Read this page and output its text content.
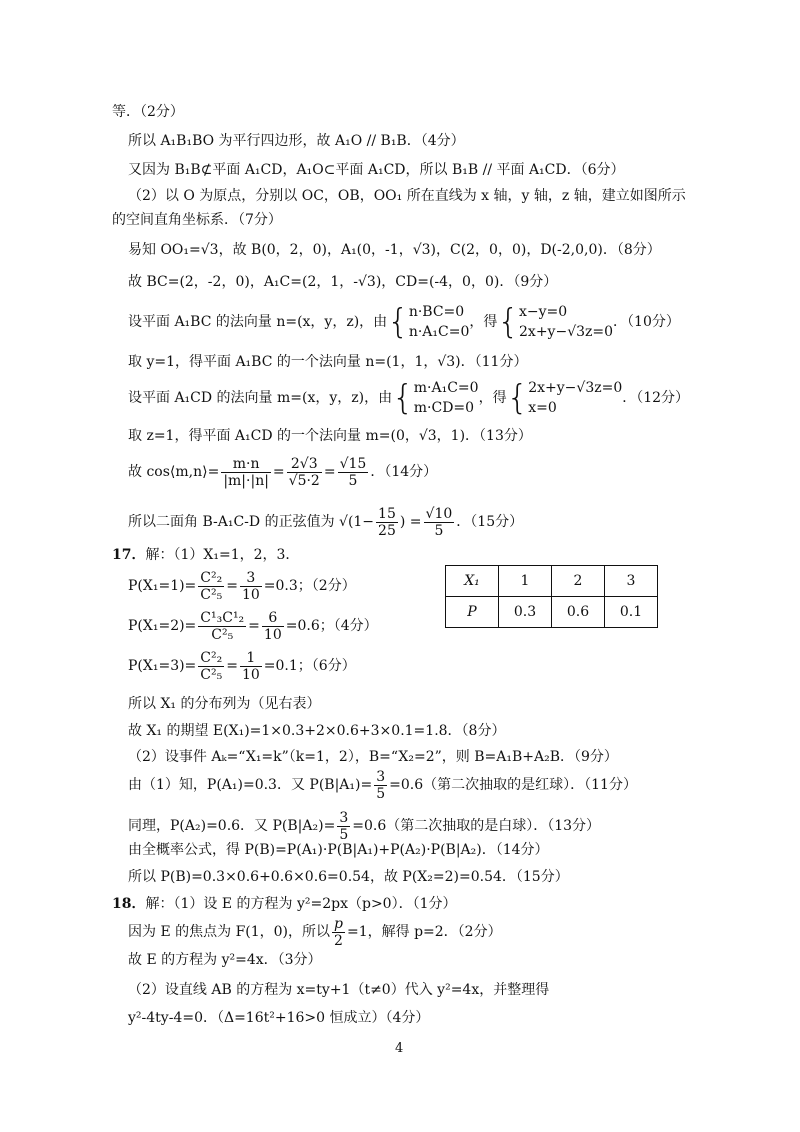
等．（2分）
所以 A₁B₁BO 为平行四边形，故 A₁O // B₁B．（4分）
又因为 B₁B⊄平面 A₁CD，A₁O⊂平面 A₁CD，所以 B₁B // 平面 A₁CD．（6分）
（2）以 O 为原点，分别以 OC，OB，OO₁ 所在直线为 x 轴，y 轴，z 轴，建立如图所示
的空间直角坐标系．（7分）
易知 OO₁=√3，故 B(0，2，0)，A₁(0，-1，√3)，C(2，0，0)，D(-2,0,0)．（8分）
故 BC=(2，-2，0)，A₁C=(2，1，-√3)，CD=(-4，0，0)．（9分）
设平面 A₁BC 的法向量 n=(x，y，z)，由{ n·BC=0
n·A₁C=0
，得{ x−y=0
2x+y−√3z=0
．（10分）
取 y=1，得平面 A₁BC 的一个法向量 n=(1，1，√3)．（11分）
设平面 A₁CD 的法向量 m=(x，y，z)，由{ m·A₁C=0
m·CD=0
，得{ 2x+y−√3z=0
x=0
．（12分）
取 z=1，得平面 A₁CD 的一个法向量 m=(0，√3，1)．（13分）
故 cos⟨m,n⟩= $\frac{m\cdot n}{|m|\cdot|n|} = \frac{2√3}{√5\cdot 2} = \frac{√15}{5}$ ．（14分）
所以二面角 B-A₁C-D 的正弦值为 $√(1- \frac{15}{25}$ ) = $\frac{√10}{5}$ ．（15分）
17．解：（1）X₁=1，2，3．
$P(X_1=1)= \frac{\text{C²₂}}{\text{C²₅}} = \frac{3}{10} =0.3$；（2分）
$P(X_1=2)= \frac{\text{C¹₃C¹₂}}{\text{C²₅}} = \frac{6}{10} =0.6$；（4分）
$P(X_1=3)= \frac{\text{C²₂}}{\text{C²₅}} = \frac{1}{10} =0.1$；（6分）
X₁	1	2	3
P	0.3	0.6	0.1
所以 X₁ 的分布列为（见右表）
故 X₁ 的期望 E(X₁)=1×0.3+2×0.6+3×0.1=1.8．（8分）
（2）设事件 Aₖ=“X₁=k”（k=1，2），B=“X₂=2”，则 B=A₁B+A₂B．（9分）
由（1）知，P(A₁)=0.3．又 $P(B|A_1)= \frac{3}{5} =0.6$（第二次抽取的是红球）．（11分）
同理，P(A₂)=0.6．又 $P(B|A_2)= \frac{3}{5} =0.6$（第二次抽取的是白球）．（13分）
由全概率公式，得 P(B)=P(A₁)·P(B|A₁)+P(A₂)·P(B|A₂)．（14分）
所以 P(B)=0.3×0.6+0.6×0.6=0.54，故 P(X₂=2)=0.54．（15分）
18．解：（1）设 E 的方程为 y²=2px（p>0）．（1分）
因为 E 的焦点为 F(1，0)，所以 $\frac{p}{2} =1$，解得 p=2．（2分）
故 E 的方程为 y²=4x．（3分）
（2）设直线 AB 的方程为 x=ty+1（t≠0）代入 y²=4x，并整理得
y²-4ty-4=0．（Δ=16t²+16>0 恒成立）（4分）
4
